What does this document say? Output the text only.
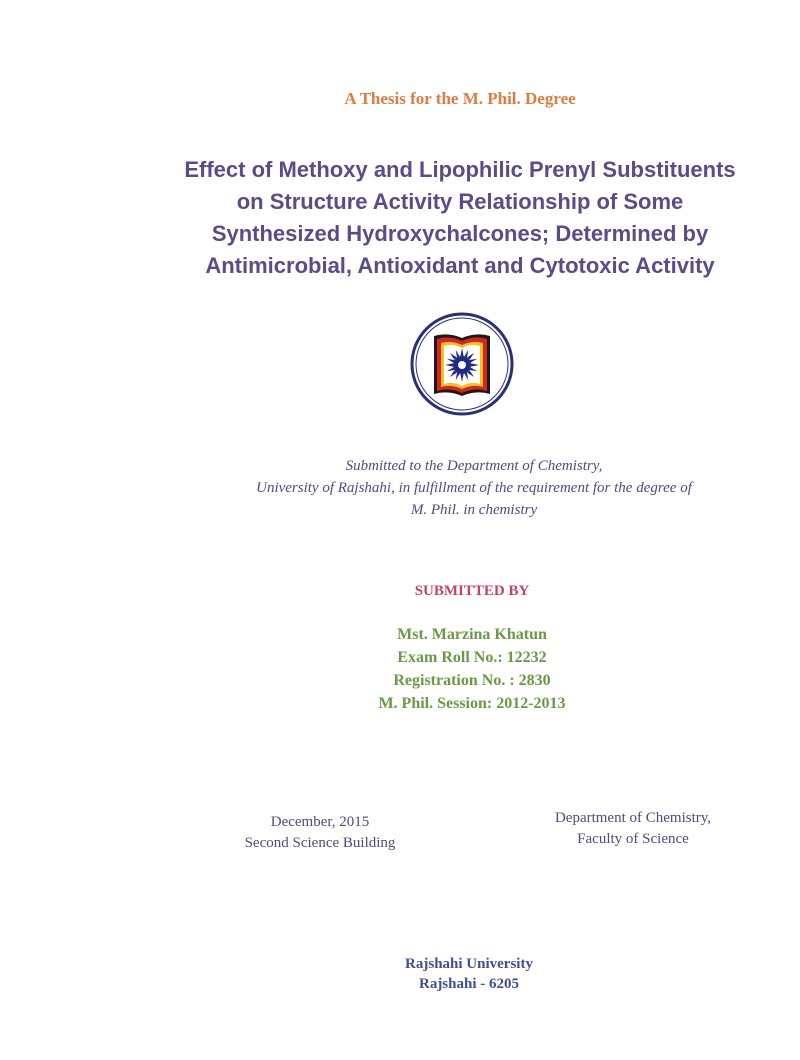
A Thesis for the M. Phil. Degree
Effect of Methoxy and Lipophilic Prenyl Substituents
on Structure Activity Relationship of Some
Synthesized Hydroxychalcones; Determined by
Antimicrobial, Antioxidant and Cytotoxic Activity
Submitted to the Department of Chemistry,
University of Rajshahi, in fulfillment of the requirement for the degree of
M. Phil. in chemistry
SUBMITTED BY
Mst. Marzina Khatun
Exam Roll No.: 12232
Registration No. : 2830
M. Phil. Session: 2012-2013
December, 2015
Second Science Building
Department of Chemistry,
Faculty of Science
Rajshahi University
Rajshahi - 6205
